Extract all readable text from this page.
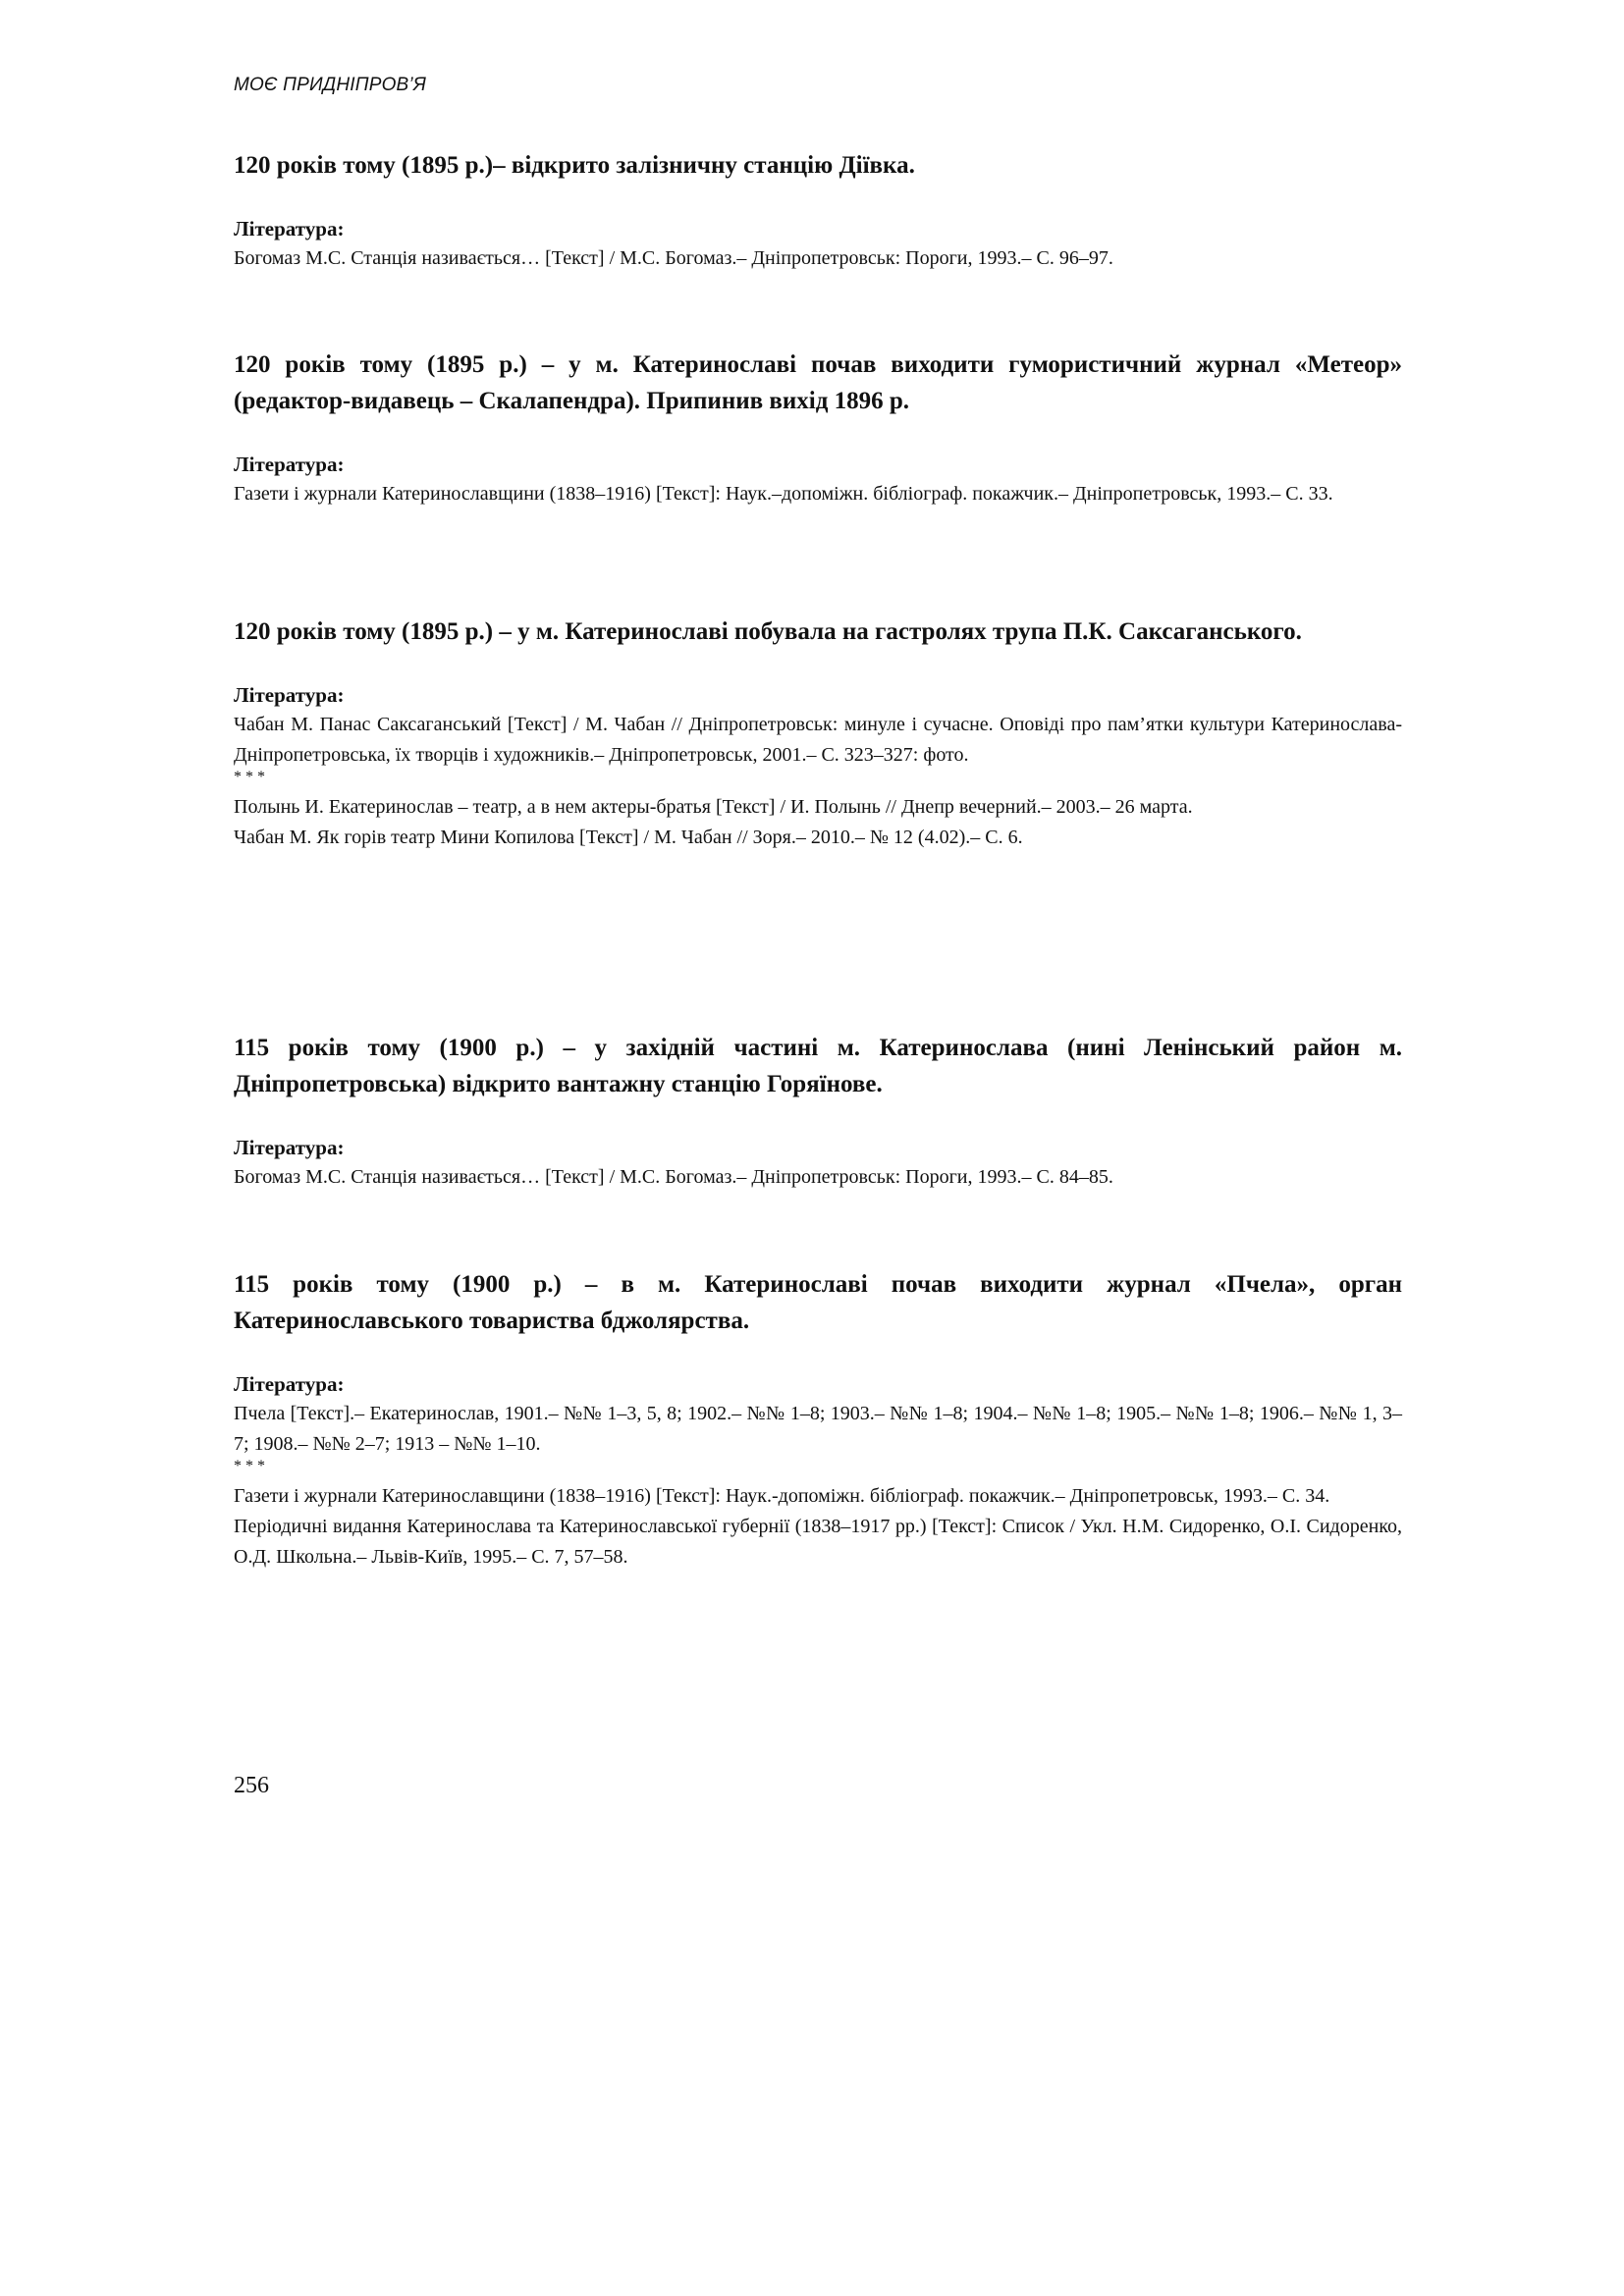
МОЄ ПРИДНІПРОВ’Я

120 років тому (1895 р.)– відкрито залізничну станцію Діївка.

Література:
Богомаз М.С. Станція називається… [Текст] / М.С. Богомаз.– Дніпропетровськ: Пороги, 1993.– С. 96–97.

120 років тому (1895 р.) – у м. Катеринославі почав виходити гумористичний журнал «Метеор» (редактор-видавець – Скалапендра). Припинив вихід 1896 р.

Література:
Газети і журнали Катеринославщини (1838–1916) [Текст]: Наук.–допоміжн. бібліограф. покажчик.– Дніпропетровськ, 1993.– С. 33.

120 років тому (1895 р.) – у м. Катеринославі побувала на гастролях трупа П.К. Саксаганського.

Література:
Чабан М. Панас Саксаганський [Текст] / М. Чабан // Дніпропетровськ: минуле і сучасне. Оповіді про пам’ятки культури Катеринослава-Дніпропетровська, їх творців і художників.– Дніпропетровськ, 2001.– С. 323–327: фото.
* * *
Полынь И. Екатеринослав – театр, а в нем актеры-братья [Текст] / И. Полынь // Днепр вечерний.– 2003.– 26 марта.
Чабан М. Як горів театр Мини Копилова [Текст] / М. Чабан // Зоря.– 2010.– № 12 (4.02).– С. 6.

115 років тому (1900 р.) – у західній частині м. Катеринослава (нині Ленінський район м. Дніпропетровська) відкрито вантажну станцію Горяїнове.

Література:
Богомаз М.С. Станція називається… [Текст] / М.С. Богомаз.– Дніпропетровськ: Пороги, 1993.– С. 84–85.

115 років тому (1900 р.) – в м. Катеринославі почав виходити журнал «Пчела», орган Катеринославського товариства бджолярства.

Література:
Пчела [Текст].– Екатеринослав, 1901.– №№ 1–3, 5, 8; 1902.– №№ 1–8; 1903.– №№ 1–8; 1904.– №№ 1–8; 1905.– №№ 1–8; 1906.– №№ 1, 3–7; 1908.– №№ 2–7; 1913 – №№ 1–10.
* * *
Газети і журнали Катеринославщини (1838–1916) [Текст]: Наук.-допоміжн. бібліограф. покажчик.– Дніпропетровськ, 1993.– С. 34.
Періодичні видання Катеринослава та Катеринославської губернії (1838–1917 рр.) [Текст]: Список / Укл. Н.М. Сидоренко, О.І. Сидоренко, О.Д. Школьна.– Львів-Київ, 1995.– С. 7, 57–58.
256
